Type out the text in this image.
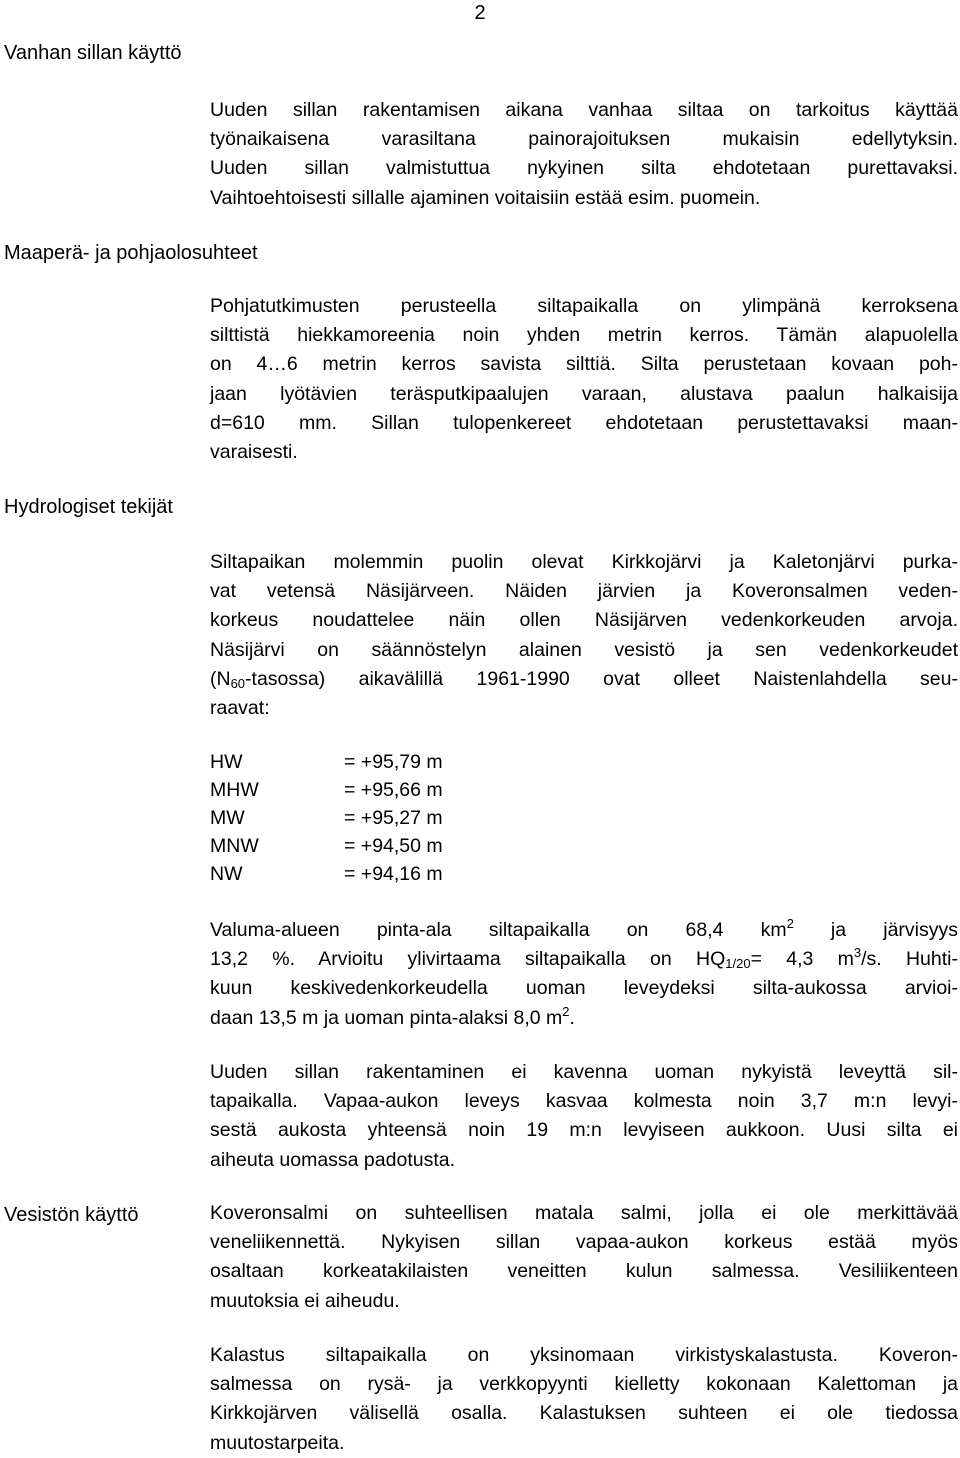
2
Vanhan sillan käyttö
Maaperä- ja pohjaolosuhteet
Hydrologiset tekijät
Vesistön käyttö
Uuden sillan rakentamisen aikana vanhaa siltaa on tarkoitus käyttää
työnaikaisena varasiltana painorajoituksen mukaisin edellytyksin.
Uuden sillan valmistuttua nykyinen silta ehdotetaan purettavaksi.
Vaihtoehtoisesti sillalle ajaminen voitaisiin estää esim. puomein.
Pohjatutkimusten perusteella siltapaikalla on ylimpänä kerroksena
silttistä hiekkamoreenia noin yhden metrin kerros. Tämän alapuolella
on 4…6 metrin kerros savista silttiä. Silta perustetaan kovaan poh-
jaan lyötävien teräsputkipaalujen varaan, alustava paalun halkaisija
d=610 mm. Sillan tulopenkereet ehdotetaan perustettavaksi maan-
varaisesti.
Siltapaikan molemmin puolin olevat Kirkkojärvi ja Kaletonjärvi purka-
vat vetensä Näsijärveen. Näiden järvien ja Koveronsalmen veden-
korkeus noudattelee näin ollen Näsijärven vedenkorkeuden arvoja.
Näsijärvi on säännöstelyn alainen vesistö ja sen vedenkorkeudet
$(N_{60}-tasossa)$ aikavälillä 1961-1990 ovat olleet Naistenlahdella seu-
raavat:
HW	= +95,79 m
MHW	= +95,66 m
MW	= +95,27 m
MNW	= +94,50 m
NW	= +94,16 m
Valuma-alueen pinta-ala siltapaikalla on 68,4 $km^2$ ja järvisyys
13,2 %. Arvioitu ylivirtaama siltapaikalla on $HQ_{1/20}= 4,3$ $m^3/s$. Huhti-
kuun keskivedenkorkeudella uoman leveydeksi silta-aukossa arvioi-
daan 13,5 m ja uoman pinta-alaksi 8,0 $m^2$.
Uuden sillan rakentaminen ei kavenna uoman nykyistä leveyttä sil-
tapaikalla. Vapaa-aukon leveys kasvaa kolmesta noin 3,7 m:n levyi-
sestä aukosta yhteensä noin 19 m:n levyiseen aukkoon. Uusi silta ei
aiheuta uomassa padotusta.
Koveronsalmi on suhteellisen matala salmi, jolla ei ole merkittävää
veneliikennettä. Nykyisen sillan vapaa-aukon korkeus estää myös
osaltaan korkeatakilaisten veneitten kulun salmessa. Vesiliikenteen
muutoksia ei aiheudu.
Kalastus siltapaikalla on yksinomaan virkistyskalastusta. Koveron-
salmessa on rysä- ja verkkopyynti kielletty kokonaan Kalettoman ja
Kirkkojärven välisellä osalla. Kalastuksen suhteen ei ole tiedossa
muutostarpeita.
